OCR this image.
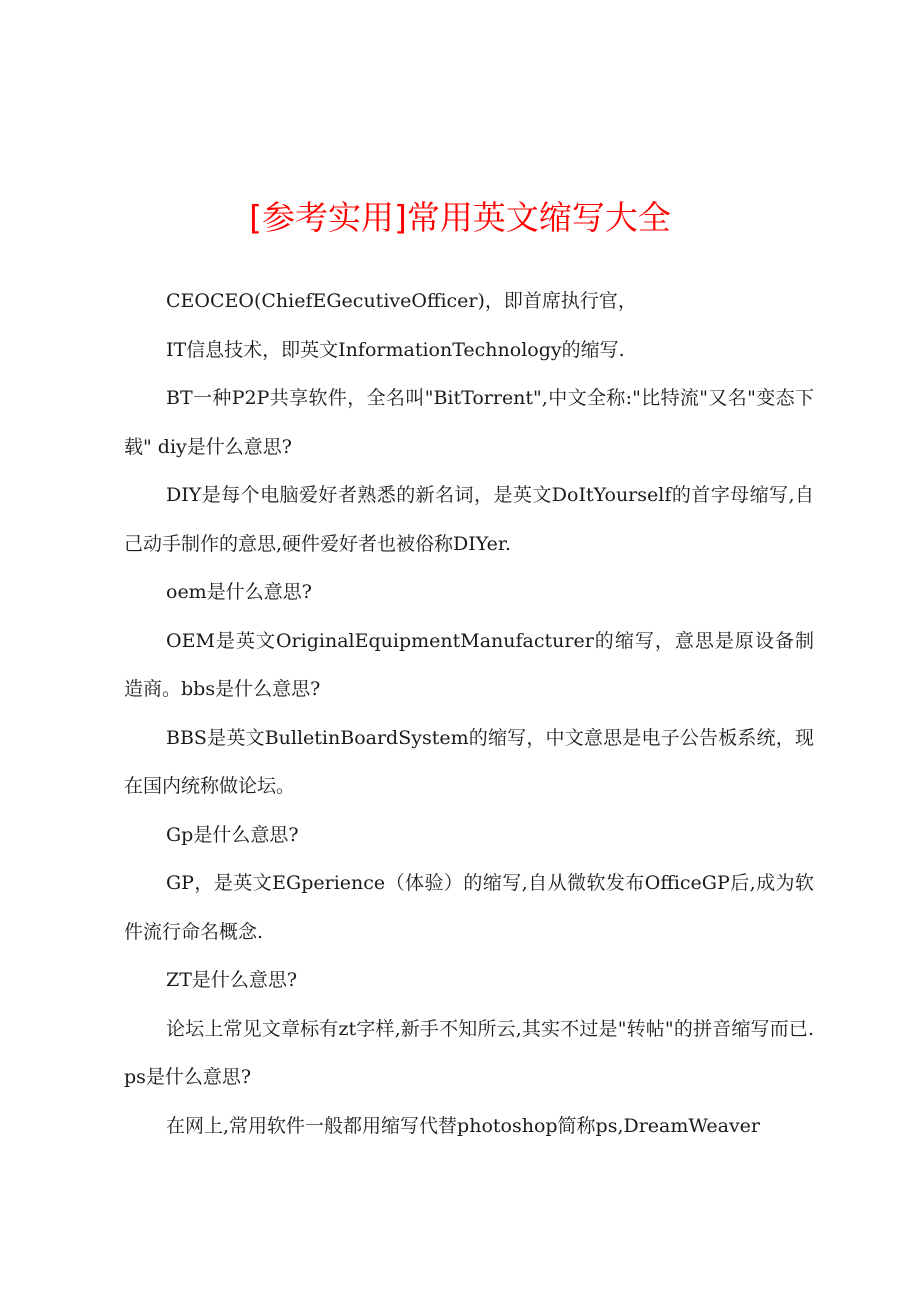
[参考实用]常用英文缩写大全

CEOCEO(ChiefEGecutiveOfficer)，即首席执行官，

IT信息技术，即英文InformationTechnology的缩写.

BT一种P2P共享软件，全名叫"BitTorrent",中文全称:"比特流"又名"变态下载" diy是什么意思?

DIY是每个电脑爱好者熟悉的新名词，是英文DoItYourself的首字母缩写,自己动手制作的意思,硬件爱好者也被俗称DIYer.

oem是什么意思?

OEM是英文OriginalEquipmentManufacturer的缩写，意思是原设备制造商。bbs是什么意思?

BBS是英文BulletinBoardSystem的缩写，中文意思是电子公告板系统，现在国内统称做论坛。

Gp是什么意思?

GP，是英文EGperience（体验）的缩写,自从微软发布OfficeGP后,成为软件流行命名概念.

ZT是什么意思?

论坛上常见文章标有zt字样,新手不知所云,其实不过是"转帖"的拼音缩写而已. ps是什么意思?

在网上,常用软件一般都用缩写代替photoshop简称ps,DreamWeaver
